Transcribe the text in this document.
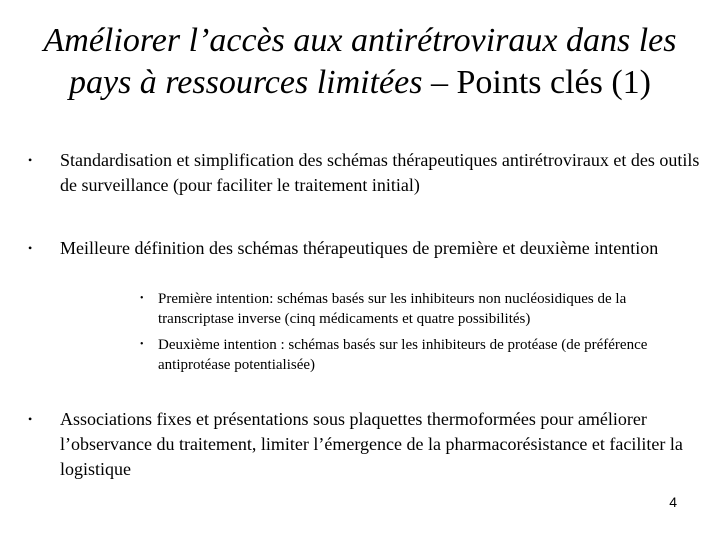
Améliorer l’accès aux antirétroviraux dans les
pays à ressources limitées – Points clés (1)
• Standardisation et simplification des schémas thérapeutiques antirétroviraux et des outils de surveillance (pour faciliter le traitement initial)
• Meilleure définition des schémas thérapeutiques de première et deuxième intention
• Première intention: schémas basés sur les inhibiteurs non nucléosidiques de la transcriptase inverse (cinq médicaments et quatre possibilités)
• Deuxième intention : schémas basés sur les inhibiteurs de protéase (de préférence antiprotéase potentialisée)
• Associations fixes et présentations sous plaquettes thermoformées pour améliorer l’observance du traitement, limiter l’émergence de la pharmacorésistance et faciliter la logistique
4
